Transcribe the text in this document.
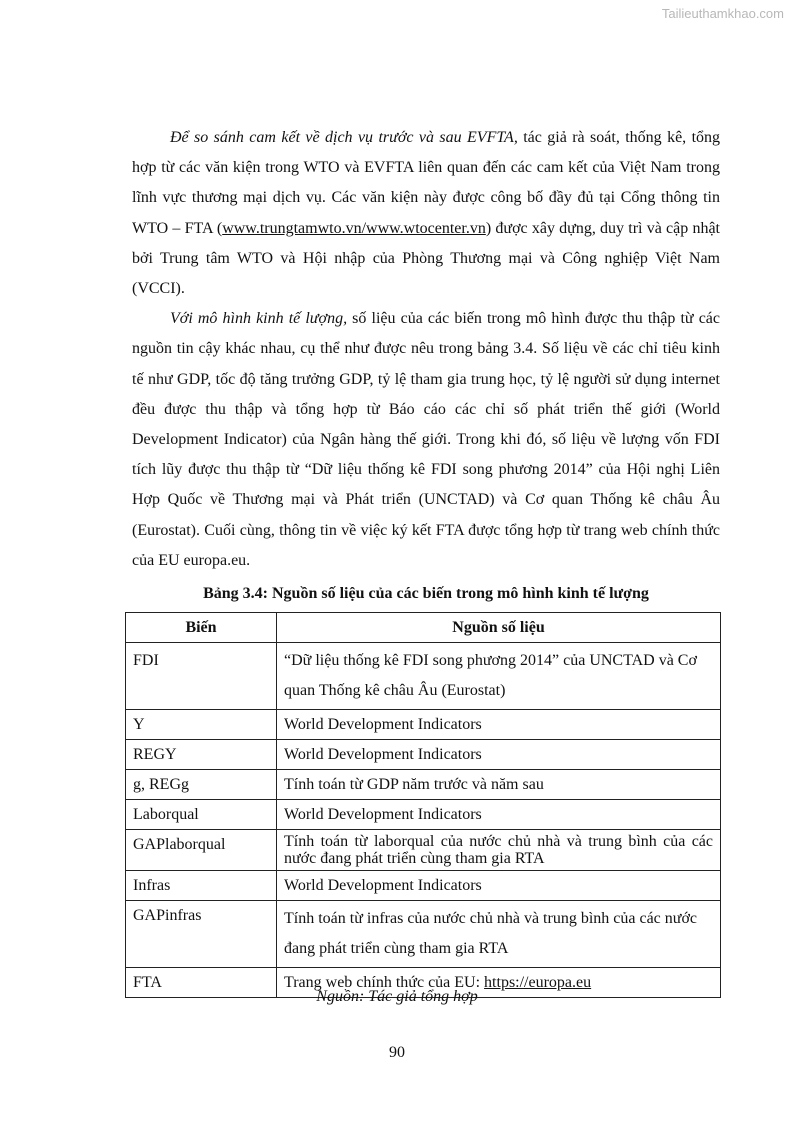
Tailieuthamkhao.com

Để so sánh cam kết về dịch vụ trước và sau EVFTA, tác giả rà soát, thống kê, tổng hợp từ các văn kiện trong WTO và EVFTA liên quan đến các cam kết của Việt Nam trong lĩnh vực thương mại dịch vụ. Các văn kiện này được công bố đầy đủ tại Cổng thông tin WTO – FTA (www.trungtamwto.vn/www.wtocenter.vn) được xây dựng, duy trì và cập nhật bởi Trung tâm WTO và Hội nhập của Phòng Thương mại và Công nghiệp Việt Nam (VCCI).

Với mô hình kinh tế lượng, số liệu của các biến trong mô hình được thu thập từ các nguồn tin cậy khác nhau, cụ thể như được nêu trong bảng 3.4. Số liệu về các chỉ tiêu kinh tế như GDP, tốc độ tăng trưởng GDP, tỷ lệ tham gia trung học, tỷ lệ người sử dụng internet đều được thu thập và tổng hợp từ Báo cáo các chỉ số phát triển thế giới (World Development Indicator) của Ngân hàng thế giới. Trong khi đó, số liệu về lượng vốn FDI tích lũy được thu thập từ “Dữ liệu thống kê FDI song phương 2014” của Hội nghị Liên Hợp Quốc về Thương mại và Phát triển (UNCTAD) và Cơ quan Thống kê châu Âu (Eurostat). Cuối cùng, thông tin về việc ký kết FTA được tổng hợp từ trang web chính thức của EU europa.eu.

Bảng 3.4: Nguồn số liệu của các biến trong mô hình kinh tế lượng
Biến	Nguồn số liệu
FDI	“Dữ liệu thống kê FDI song phương 2014” của UNCTAD và Cơ quan Thống kê châu Âu (Eurostat)
Y	World Development Indicators
REGY	World Development Indicators
g, REGg	Tính toán từ GDP năm trước và năm sau
Laborqual	World Development Indicators
GAPlaborqual	Tính toán từ laborqual của nước chủ nhà và trung bình của các nước đang phát triển cùng tham gia RTA
Infras	World Development Indicators
GAPinfras	Tính toán từ infras của nước chủ nhà và trung bình của các nước đang phát triển cùng tham gia RTA
FTA	Trang web chính thức của EU: https://europa.eu
Nguồn: Tác giả tổng hợp
90
